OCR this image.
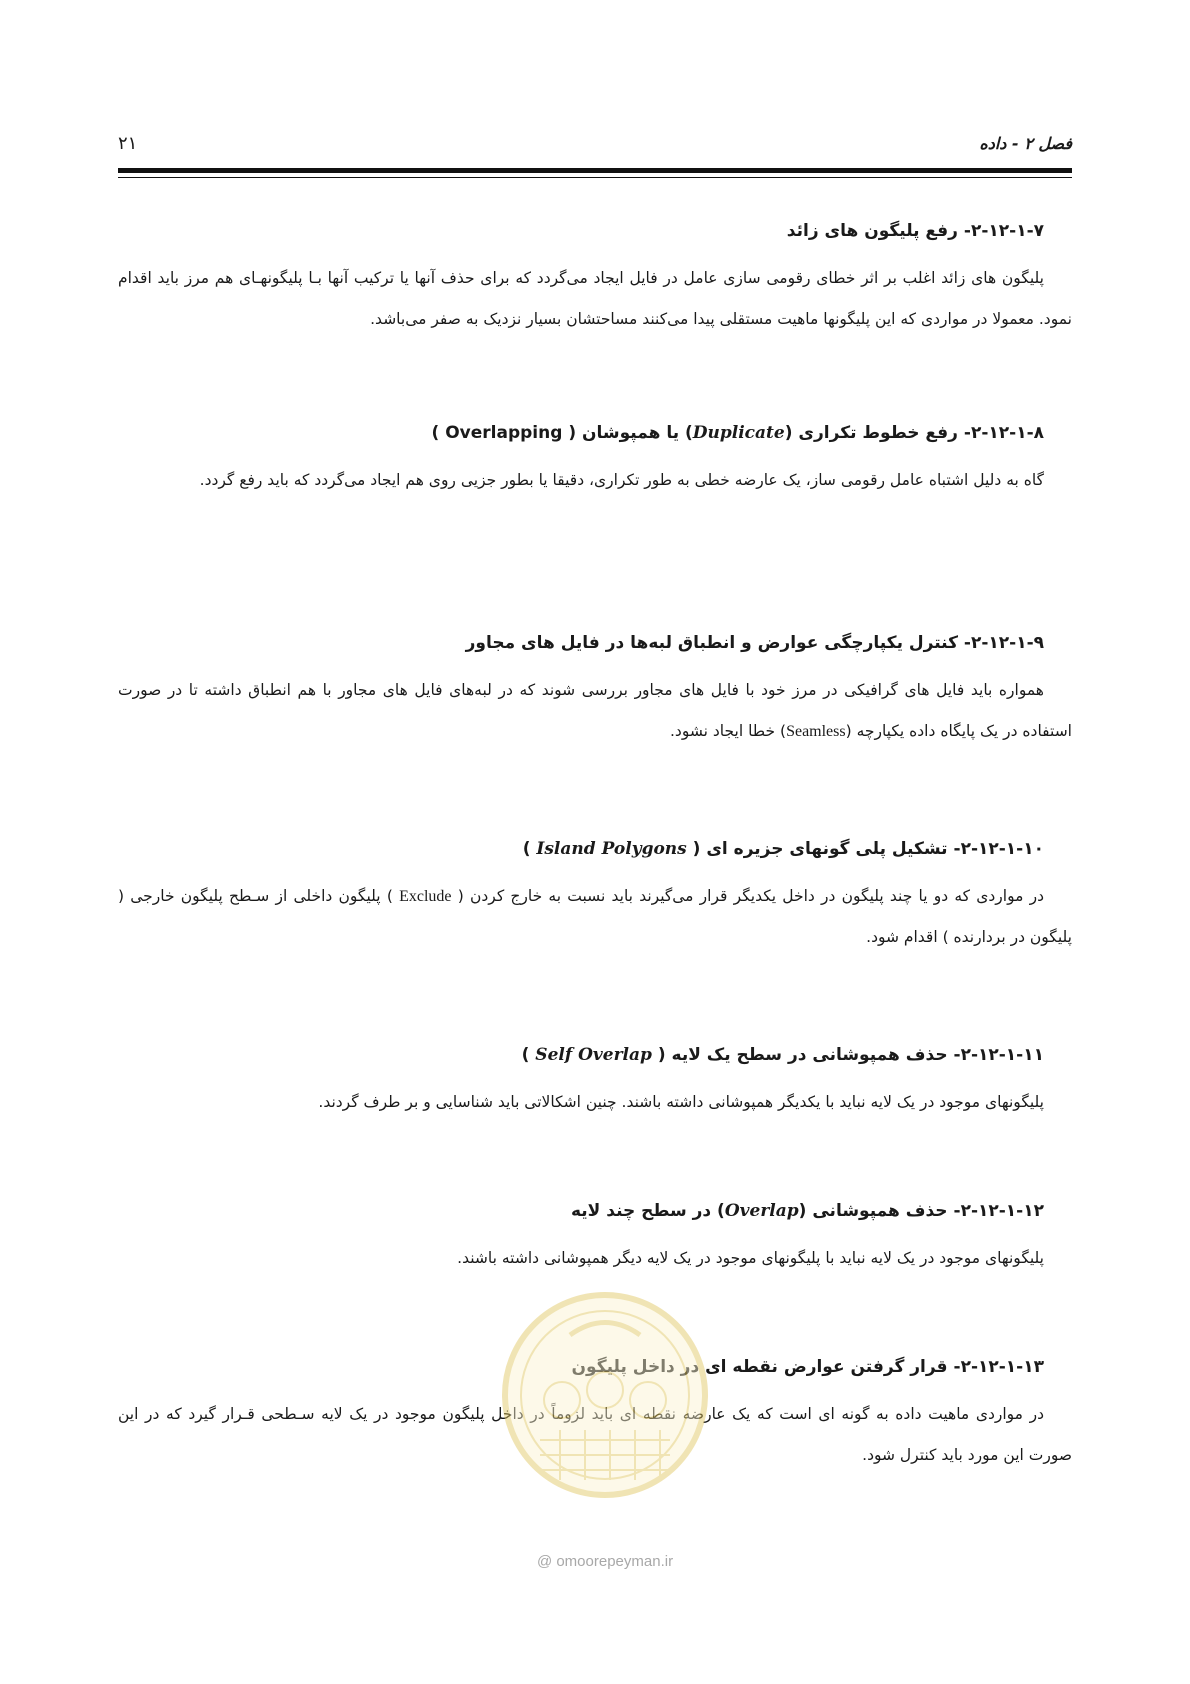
فصل ۲ - داده
۲۱
۲-۱۲-۱-۷- رفع پلیگون های زائد

پلیگون های زائد اغلب بر اثر خطای رقومی سازی عامل در فایل ایجاد می‌گردد که برای حذف آنها یا ترکیب آنها بـا پلیگونهـای هم مرز باید اقدام نمود. معمولا در مواردی که این پلیگونها ماهیت مستقلی پیدا می‌کنند مساحتشان بسیار نزدیک به صفر می‌باشد.

۲-۱۲-۱-۸- رفع خطوط تکراری (Duplicate) یا همپوشان ( Overlapping )

گاه به دلیل اشتباه عامل رقومی ساز، یک عارضه خطی به طور تکراری، دقیقا یا بطور جزیی روی هم ایجاد می‌گردد که باید رفع گردد.

۲-۱۲-۱-۹- کنترل یکپارچگی عوارض و انطباق لبه‌ها در فایل های مجاور

همواره باید فایل های گرافیکی در مرز خود با فایل های مجاور بررسی شوند که در لبه‌های فایل های مجاور با هم انطباق داشته تا در صورت استفاده در یک پایگاه داده یکپارچه (Seamless) خطا ایجاد نشود.

۲-۱۲-۱-۱۰- تشکیل پلی گونهای جزیره ای ( Island Polygons )

در مواردی که دو یا چند پلیگون در داخل یکدیگر قرار می‌گیرند باید نسبت به خارج کردن ( Exclude ) پلیگون داخلی از سـطح پلیگون خارجی ( پلیگون در بردارنده ) اقدام شود.

۲-۱۲-۱-۱۱- حذف همپوشانی در سطح یک لایه ( Self Overlap )

پلیگونهای موجود در یک لایه نباید با یکدیگر همپوشانی داشته باشند. چنین اشکالاتی باید شناسایی و بر طرف گردند.

۲-۱۲-۱-۱۲- حذف همپوشانی (Overlap) در سطح چند لایه

پلیگونهای موجود در یک لایه نباید با پلیگونهای موجود در یک لایه دیگر همپوشانی داشته باشند.

۲-۱۲-۱-۱۳- قرار گرفتن عوارض نقطه ای در داخل پلیگون

در مواردی ماهیت داده به گونه ای است که یک عارضه نقطه ای باید لزوماً در داخل پلیگون موجود در یک لایه سـطحی قـرار گیرد که در این صورت این مورد باید کنترل شود.

@ omoorepeyman.ir
